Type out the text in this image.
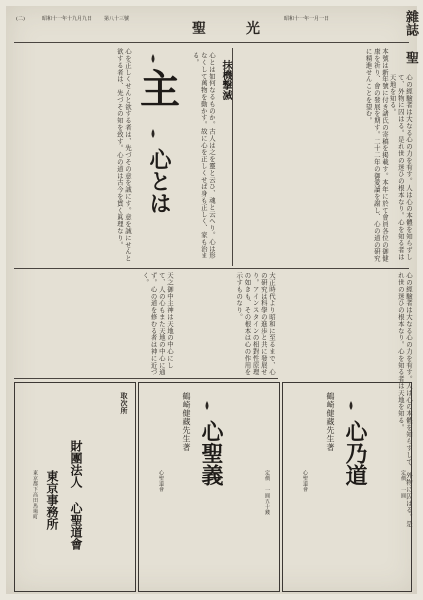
(二)	昭和十一年十九月九日 第八十三號
聖	光
昭和十一年一月一日	雜誌 聖
本號は新年號に付き諸氏の寄稿を掲載す。本年に於て會員各位の御健康を祈り、會の發展を期す。二十二年の御愛讀を謝し、心の道の研究に精進せんことを望む。	心の經驗者は大なる心の力を有す。人は心の本體を知らずして、外物に囚はる。是れ世の迷ひの根本なり。心を知る者は天地を知る。
心の經驗者は大なる心の力を有す。人は心の本體を知らずして、外物に囚はる。是れ世の迷ひの根本なり。心を知る者は天地を知る。
抹機撃滅
心とは如何なるものか。古人は之を靈と云ひ、魂と云へり。心は形なくして萬物を動かす。故に心を正しくせば身も正しく、家も治まる。
主
心とは
心を正しくせんと欲する者は、先づその意を誠にす。意を誠にせんと欲する者は、先づその知を致す。心の道は古今を貫く眞理なり。
大正時代より昭和に至るまで、心の研究は科學の進歩と共に發展せり。アインスタインの相對性原理の如きも、その根本は心の作用を示すものなり。
天之御中主神は天地の中心にして、人の心もまた天地の中心に通ず。心の道を修むる者は神に近づく。
心聖義
鶴崎健藏先生著
定價 一圓五十錢
心聖道會	心乃道
鶴崎健藏先生著
定價 一圓
心聖道會
取次所
財團法人 心聖道會
東京事務所
東京都下高田馬場町
